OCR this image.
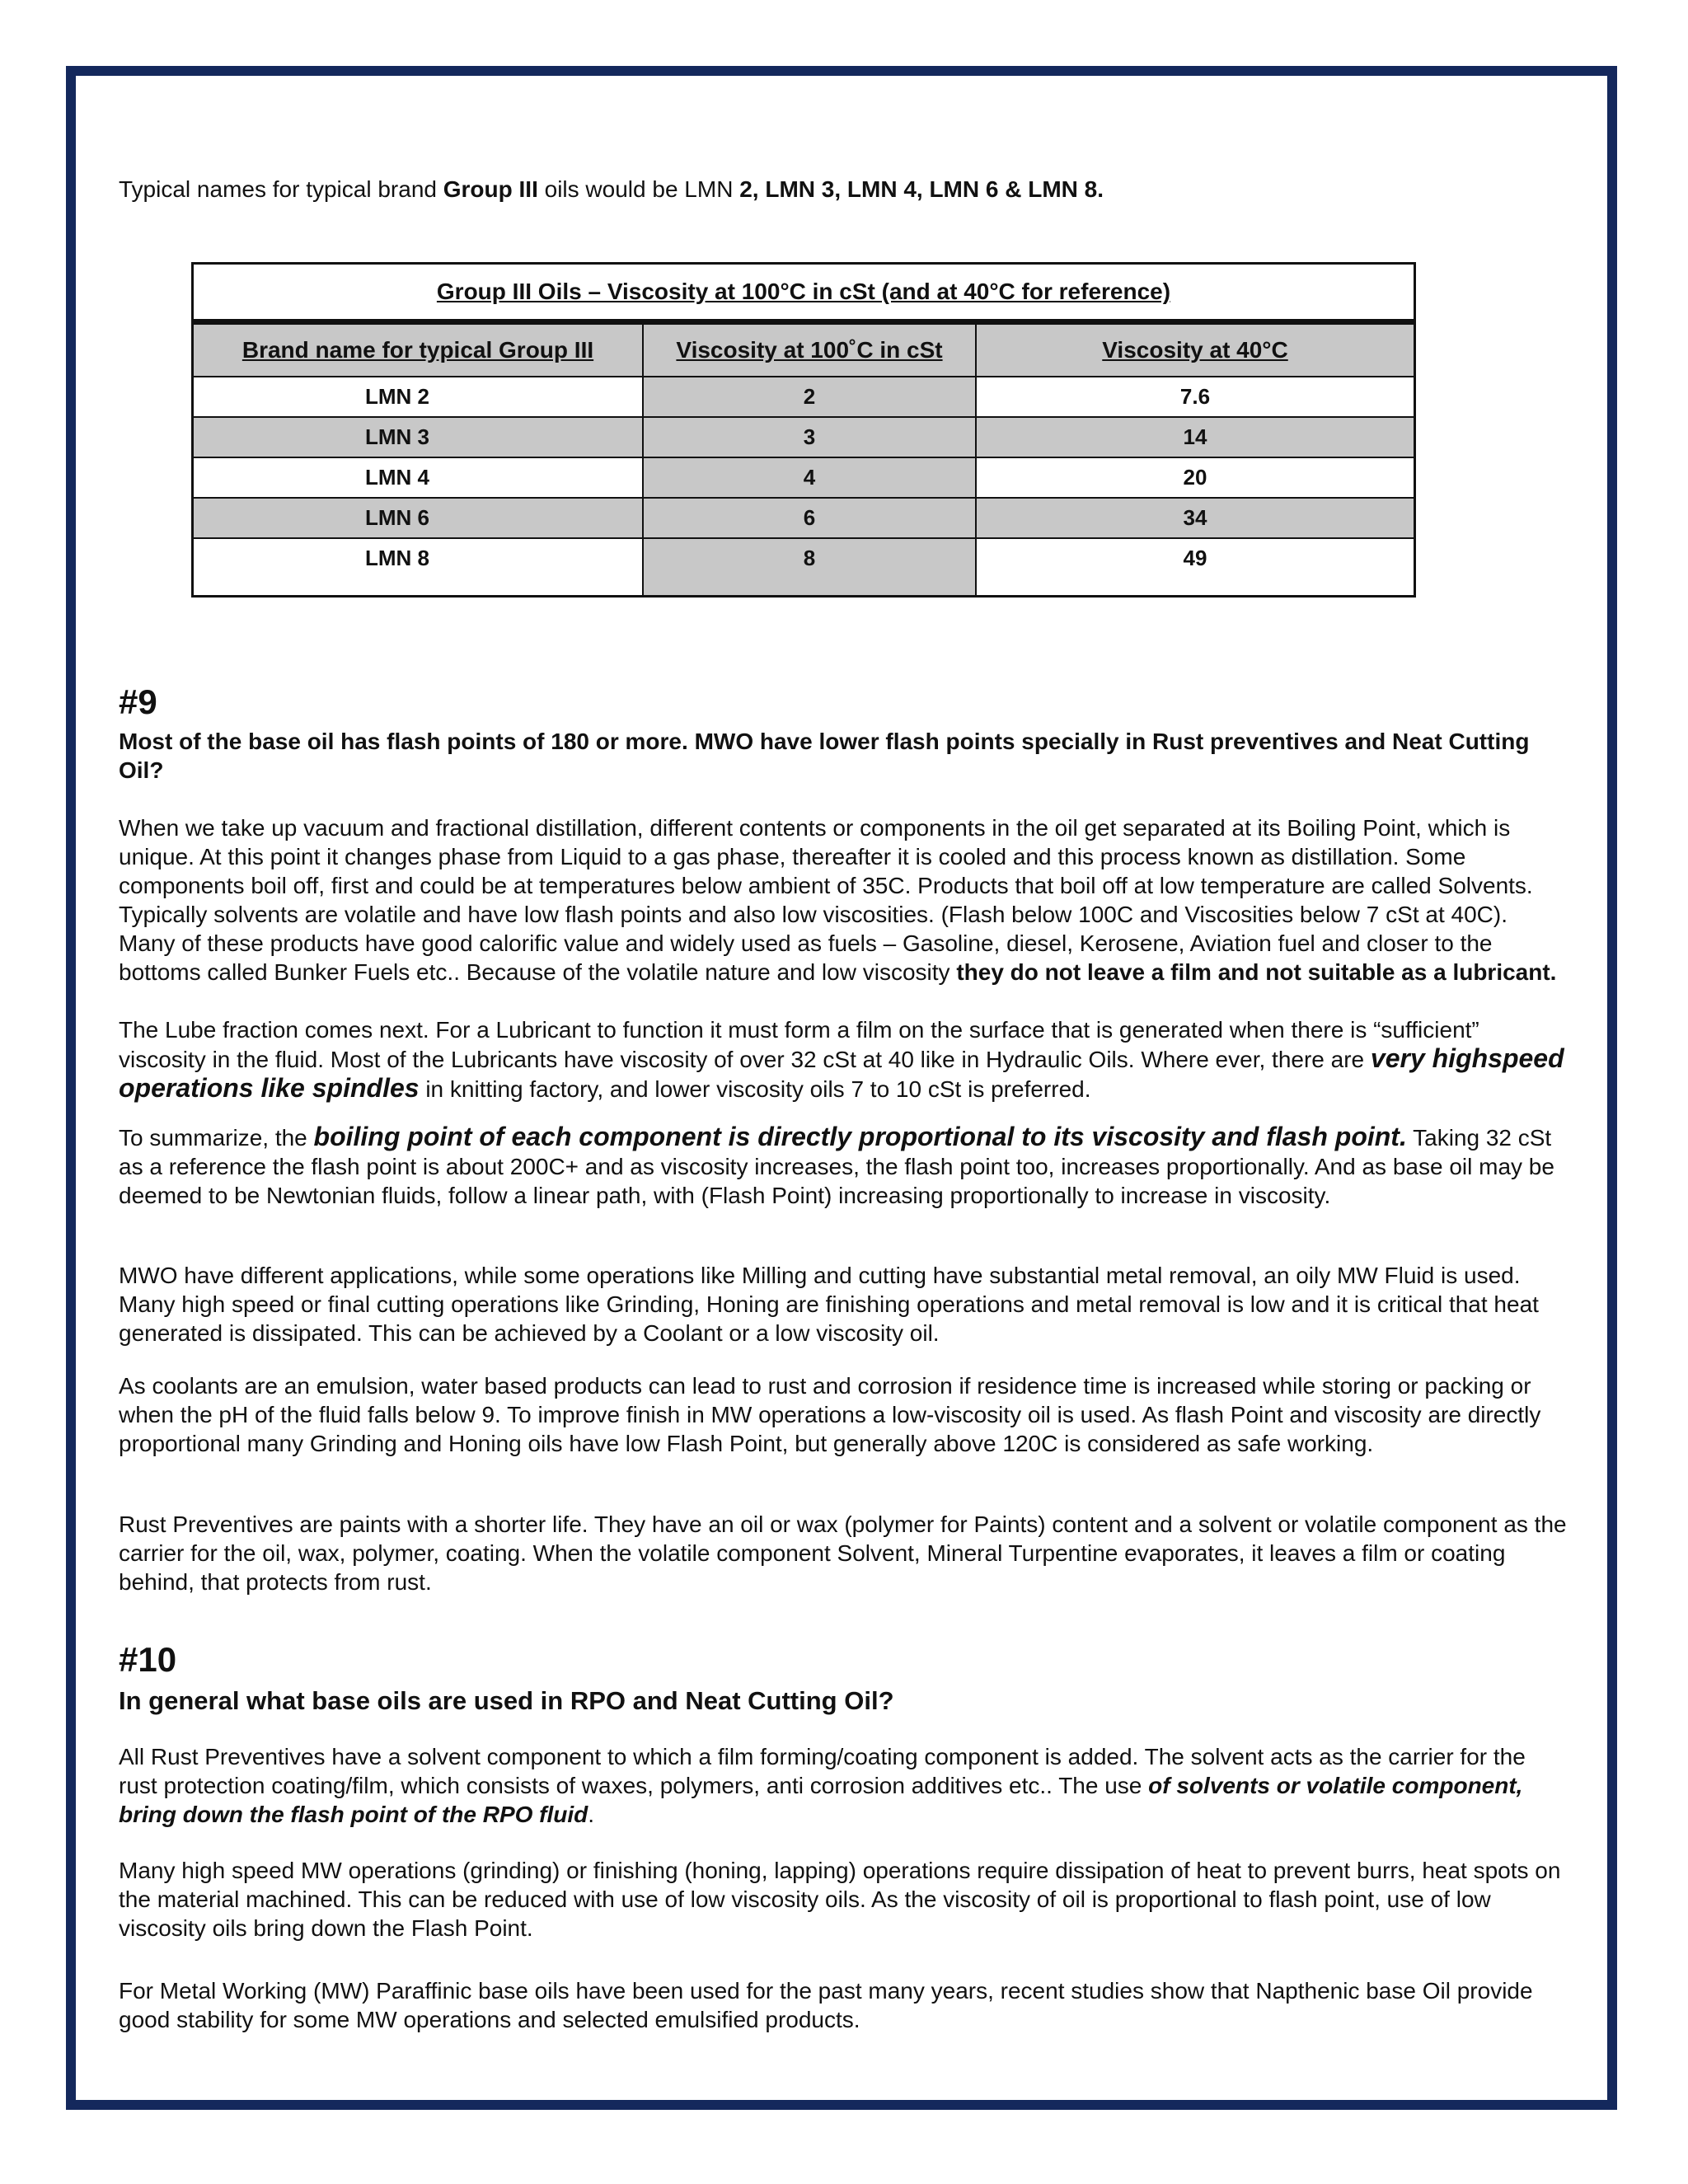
Typical names for typical brand Group III oils would be LMN 2, LMN 3, LMN 4, LMN 6 & LMN 8.

Group III Oils – Viscosity at 100°C in cSt (and at 40°C for reference)
Brand name for typical Group III	Viscosity at 100˚C in cSt	Viscosity at 40°C
LMN 2	2	7.6
LMN 3	3	14
LMN 4	4	20
LMN 6	6	34
LMN 8	8	49
#9
Most of the base oil has flash points of 180 or more. MWO have lower flash points specially in Rust preventives and Neat Cutting Oil?

When we take up vacuum and fractional distillation, different contents or components in the oil get separated at its Boiling Point, which is unique. At this point it changes phase from Liquid to a gas phase, thereafter it is cooled and this process known as distillation. Some components boil off, first and could be at temperatures below ambient of 35C. Products that boil off at low temperature are called Solvents. Typically solvents are volatile and have low flash points and also low viscosities. (Flash below 100C and Viscosities below 7 cSt at 40C). Many of these products have good calorific value and widely used as fuels – Gasoline, diesel, Kerosene, Aviation fuel and closer to the bottoms called Bunker Fuels etc.. Because of the volatile nature and low viscosity they do not leave a film and not suitable as a lubricant.

The Lube fraction comes next. For a Lubricant to function it must form a film on the surface that is generated when there is “sufficient” viscosity in the fluid. Most of the Lubricants have viscosity of over 32 cSt at 40 like in Hydraulic Oils. Where ever, there are very highspeed operations like spindles in knitting factory, and lower viscosity oils 7 to 10 cSt is preferred.

To summarize, the boiling point of each component is directly proportional to its viscosity and flash point. Taking 32 cSt as a reference the flash point is about 200C+ and as viscosity increases, the flash point too, increases proportionally. And as base oil may be deemed to be Newtonian fluids, follow a linear path, with (Flash Point) increasing proportionally to increase in viscosity.

MWO have different applications, while some operations like Milling and cutting have substantial metal removal, an oily MW Fluid is used. Many high speed or final cutting operations like Grinding, Honing are finishing operations and metal removal is low and it is critical that heat generated is dissipated. This can be achieved by a Coolant or a low viscosity oil.

As coolants are an emulsion, water based products can lead to rust and corrosion if residence time is increased while storing or packing or when the pH of the fluid falls below 9. To improve finish in MW operations a low-viscosity oil is used. As flash Point and viscosity are directly proportional many Grinding and Honing oils have low Flash Point, but generally above 120C is considered as safe working.

Rust Preventives are paints with a shorter life. They have an oil or wax (polymer for Paints) content and a solvent or volatile component as the carrier for the oil, wax, polymer, coating. When the volatile component Solvent, Mineral Turpentine evaporates, it leaves a film or coating behind, that protects from rust.

#10
In general what base oils are used in RPO and Neat Cutting Oil?

All Rust Preventives have a solvent component to which a film forming/coating component is added. The solvent acts as the carrier for the rust protection coating/film, which consists of waxes, polymers, anti corrosion additives etc.. The use of solvents or volatile component, bring down the flash point of the RPO fluid.

Many high speed MW operations (grinding) or finishing (honing, lapping) operations require dissipation of heat to prevent burrs, heat spots on the material machined. This can be reduced with use of low viscosity oils. As the viscosity of oil is proportional to flash point, use of low viscosity oils bring down the Flash Point.

For Metal Working (MW) Paraffinic base oils have been used for the past many years, recent studies show that Napthenic base Oil provide good stability for some MW operations and selected emulsified products.
